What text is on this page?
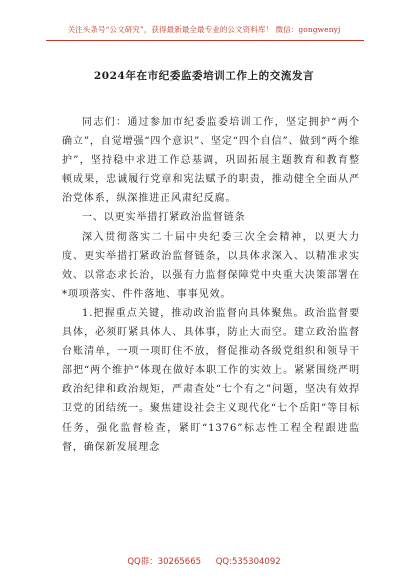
关注头条号“公文研究”，获得最新最全最专业的公文资料库！ 微信：gongwenyj
2024年在市纪委监委培训工作上的交流发言

同志们：通过参加市纪委监委培训工作，坚定拥护“两个确立”，自觉增强“四个意识”、坚定“四个自信”、做到“两个维护”，坚持稳中求进工作总基调，巩固拓展主题教育和教育整顿成果，忠诚履行党章和宪法赋予的职责，推动健全全面从严治党体系，纵深推进正风肃纪反腐。

一、以更实举措打紧政治监督链条

深入贯彻落实二十届中央纪委三次全会精神，以更大力度、更实举措打紧政治监督链条，以具体求深入、以精准求实效、以常态求长治，以强有力监督保障党中央重大决策部署在*项项落实、件件落地、事事见效。

1.把握重点关键，推动政治监督向具体聚焦。政治监督要具体，必须盯紧具体人、具体事，防止大而空。建立政治监督台账清单，一项一项盯住不放，督促推动各级党组织和领导干部把“两个维护”体现在做好本职工作的实效上。紧紧围绕严明政治纪律和政治规矩，严肃查处“七个有之”问题，坚决有效捍卫党的团结统一。聚焦建设社会主义现代化“七个岳阳”等目标任务，强化监督检查，紧盯“1376”标志性工程全程跟进监督，确保新发展理念

QQ群：30265665 QQ:535304092
